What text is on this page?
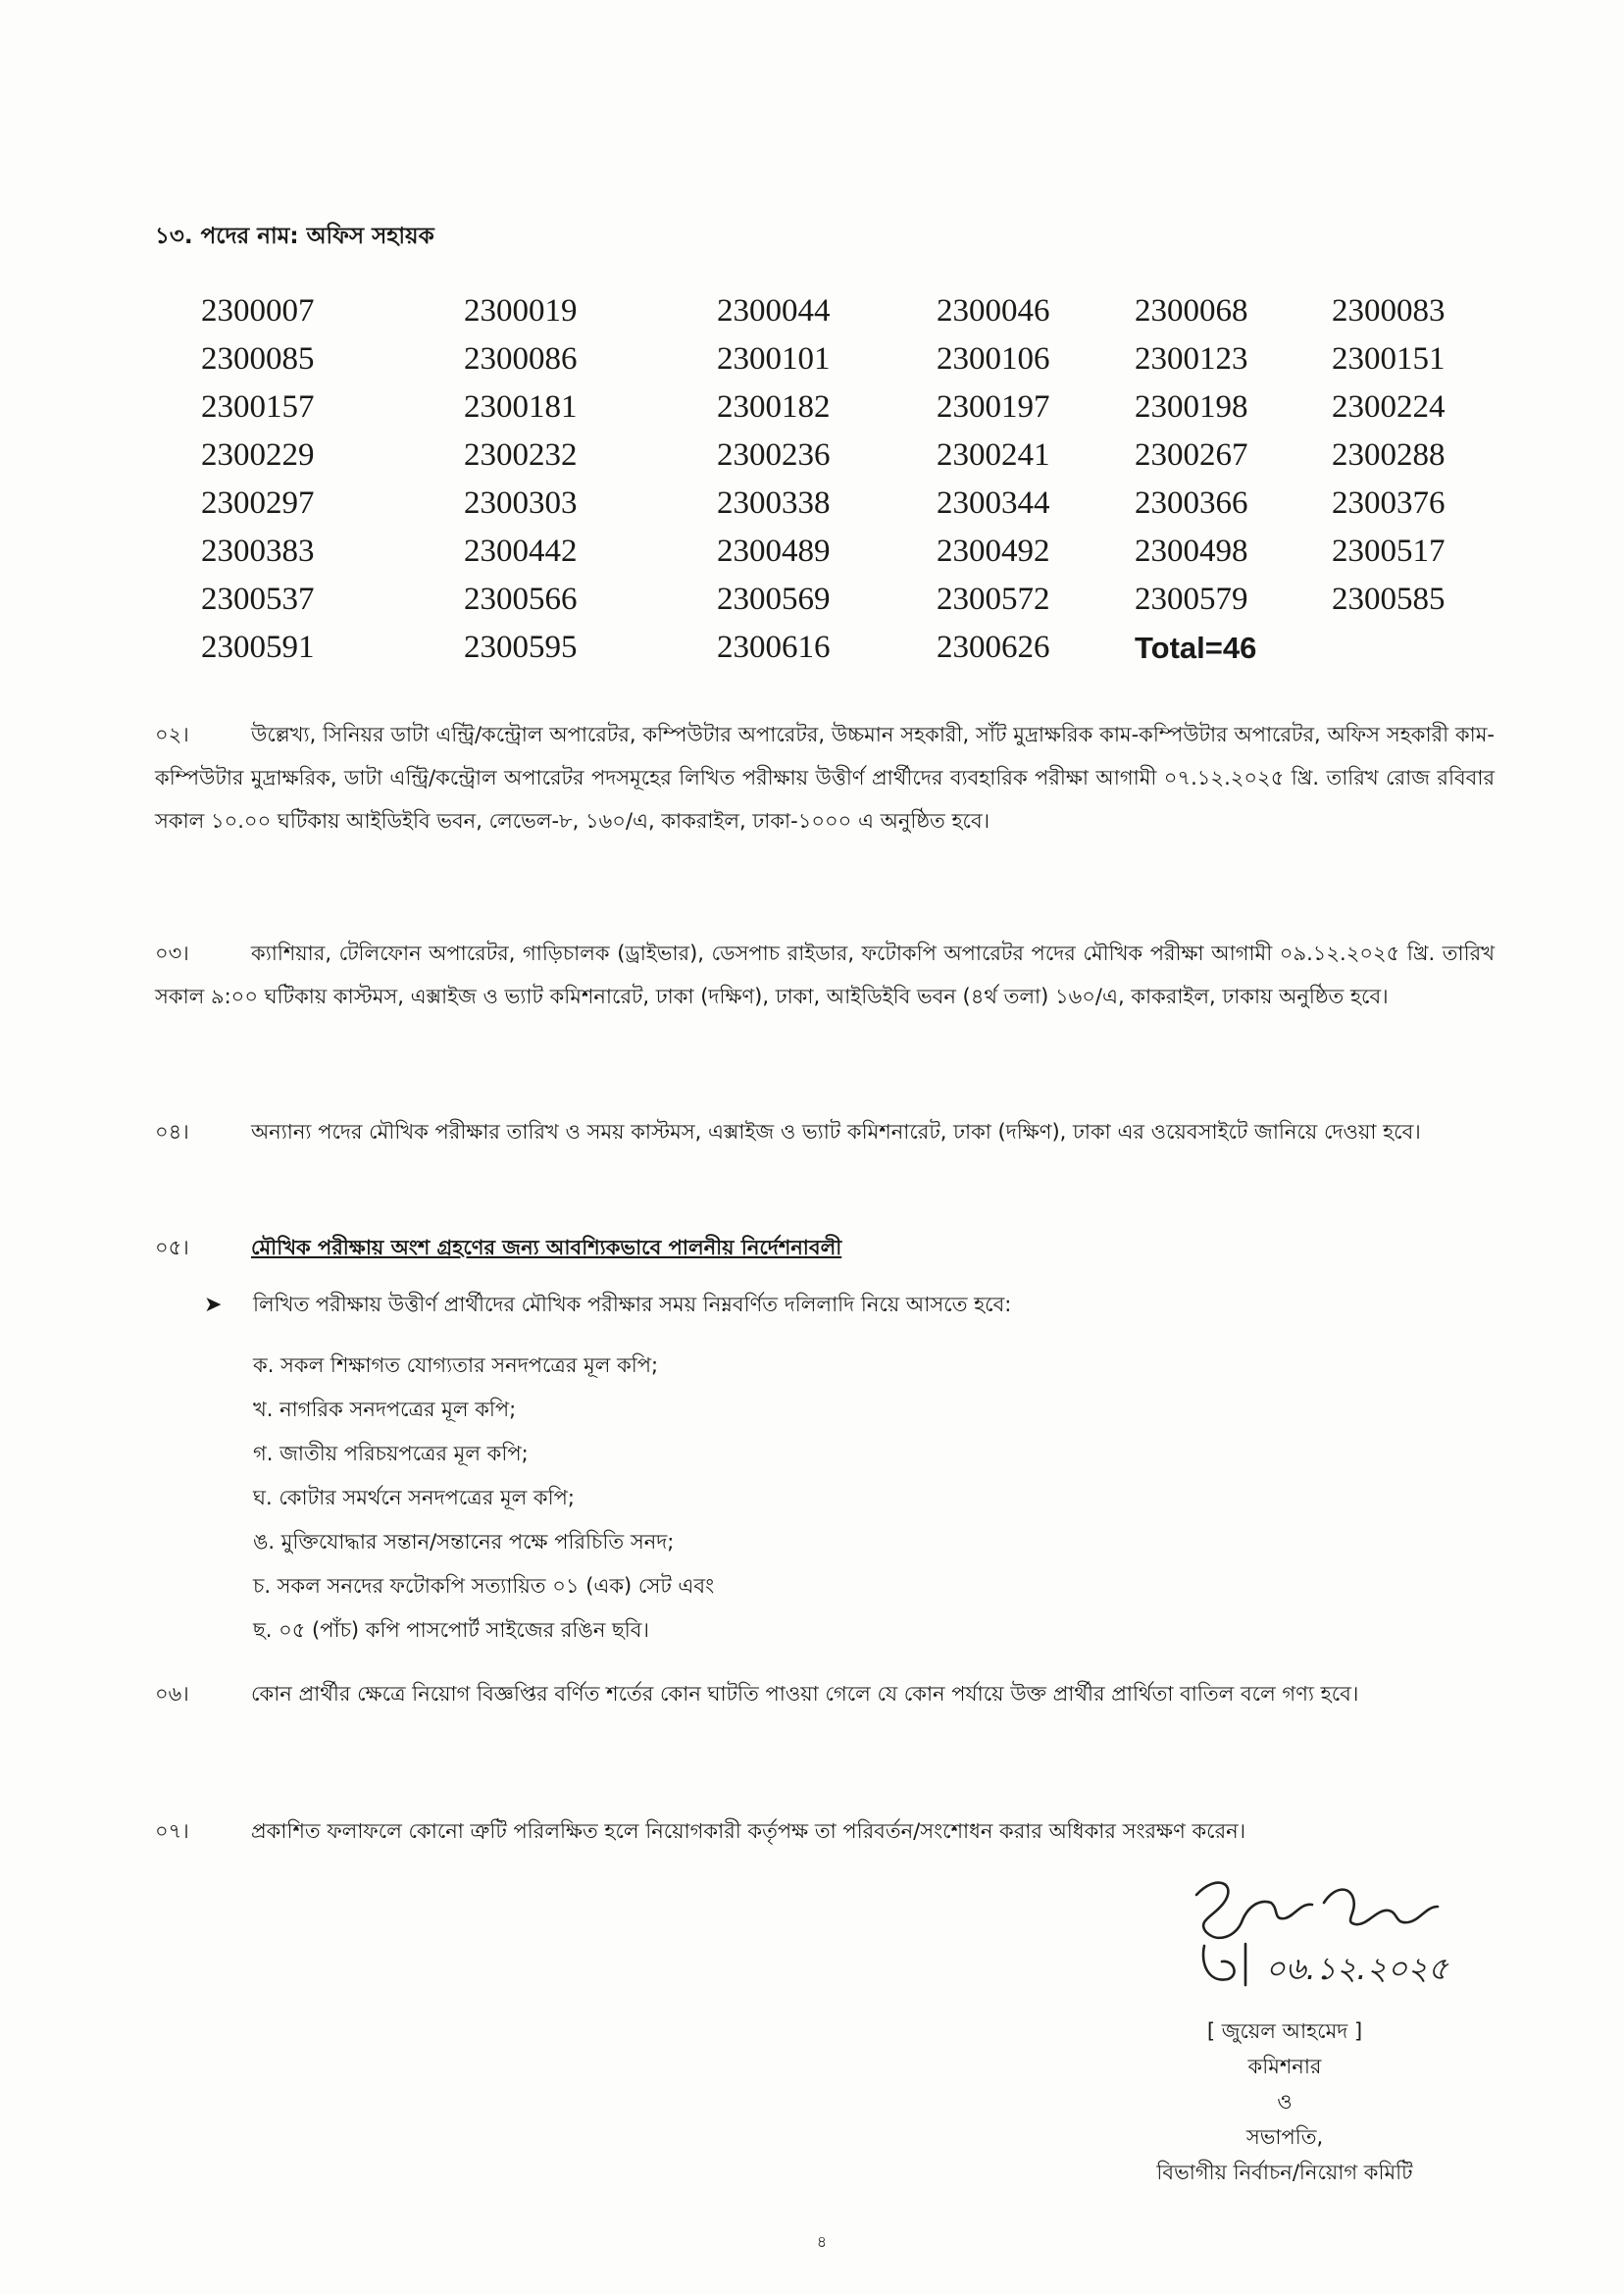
১৩. পদের নাম: অফিস সহায়ক
2300007	2300019	2300044	2300046	2300068	2300083
2300085	2300086	2300101	2300106	2300123	2300151
2300157	2300181	2300182	2300197	2300198	2300224
2300229	2300232	2300236	2300241	2300267	2300288
2300297	2300303	2300338	2300344	2300366	2300376
2300383	2300442	2300489	2300492	2300498	2300517
2300537	2300566	2300569	2300572	2300579	2300585
2300591	2300595	2300616	2300626	Total=46	
০২।	উল্লেখ্য, সিনিয়র ডাটা এন্ট্রি/কন্ট্রোল অপারেটর, কম্পিউটার অপারেটর, উচ্চমান সহকারী, সাঁট মুদ্রাক্ষরিক কাম-কম্পিউটার অপারেটর, অফিস সহকারী কাম-কম্পিউটার মুদ্রাক্ষরিক, ডাটা এন্ট্রি/কন্ট্রোল অপারেটর পদসমূহের লিখিত পরীক্ষায় উত্তীর্ণ প্রার্থীদের ব্যবহারিক পরীক্ষা আগামী ০৭.১২.২০২৫ খ্রি. তারিখ রোজ রবিবার সকাল ১০.০০ ঘটিকায় আইডিইবি ভবন, লেভেল-৮, ১৬০/এ, কাকরাইল, ঢাকা-১০০০ এ অনুষ্ঠিত হবে।
০৩।	ক্যাশিয়ার, টেলিফোন অপারেটর, গাড়িচালক (ড্রাইভার), ডেসপাচ রাইডার, ফটোকপি অপারেটর পদের মৌখিক পরীক্ষা আগামী ০৯.১২.২০২৫ খ্রি. তারিখ সকাল ৯:০০ ঘটিকায় কাস্টমস, এক্সাইজ ও ভ্যাট কমিশনারেট, ঢাকা (দক্ষিণ), ঢাকা, আইডিইবি ভবন (৪র্থ তলা) ১৬০/এ, কাকরাইল, ঢাকায় অনুষ্ঠিত হবে।
০৪।	অন্যান্য পদের মৌখিক পরীক্ষার তারিখ ও সময় কাস্টমস, এক্সাইজ ও ভ্যাট কমিশনারেট, ঢাকা (দক্ষিণ), ঢাকা এর ওয়েবসাইটে জানিয়ে দেওয়া হবে।
০৫।	মৌখিক পরীক্ষায় অংশ গ্রহণের জন্য আবশ্যিকভাবে পালনীয় নির্দেশনাবলী
➤ লিখিত পরীক্ষায় উত্তীর্ণ প্রার্থীদের মৌখিক পরীক্ষার সময় নিম্নবর্ণিত দলিলাদি নিয়ে আসতে হবে:
ক. সকল শিক্ষাগত যোগ্যতার সনদপত্রের মূল কপি;
খ. নাগরিক সনদপত্রের মূল কপি;
গ. জাতীয় পরিচয়পত্রের মূল কপি;
ঘ. কোটার সমর্থনে সনদপত্রের মূল কপি;
ঙ. মুক্তিযোদ্ধার সন্তান/সন্তানের পক্ষে পরিচিতি সনদ;
চ. সকল সনদের ফটোকপি সত্যায়িত ০১ (এক) সেট এবং
ছ. ০৫ (পাঁচ) কপি পাসপোর্ট সাইজের রঙিন ছবি।
০৬।	কোন প্রার্থীর ক্ষেত্রে নিয়োগ বিজ্ঞপ্তির বর্ণিত শর্তের কোন ঘাটতি পাওয়া গেলে যে কোন পর্যায়ে উক্ত প্রার্থীর প্রার্থিতা বাতিল বলে গণ্য হবে।
০৭।	প্রকাশিত ফলাফলে কোনো ত্রুটি পরিলক্ষিত হলে নিয়োগকারী কর্তৃপক্ষ তা পরিবর্তন/সংশোধন করার অধিকার সংরক্ষণ করেন।
০৬.১২.২০২৫
[ জুয়েল আহমেদ ]
কমিশনার
ও
সভাপতি,
বিভাগীয় নির্বাচন/নিয়োগ কমিটি
৪
